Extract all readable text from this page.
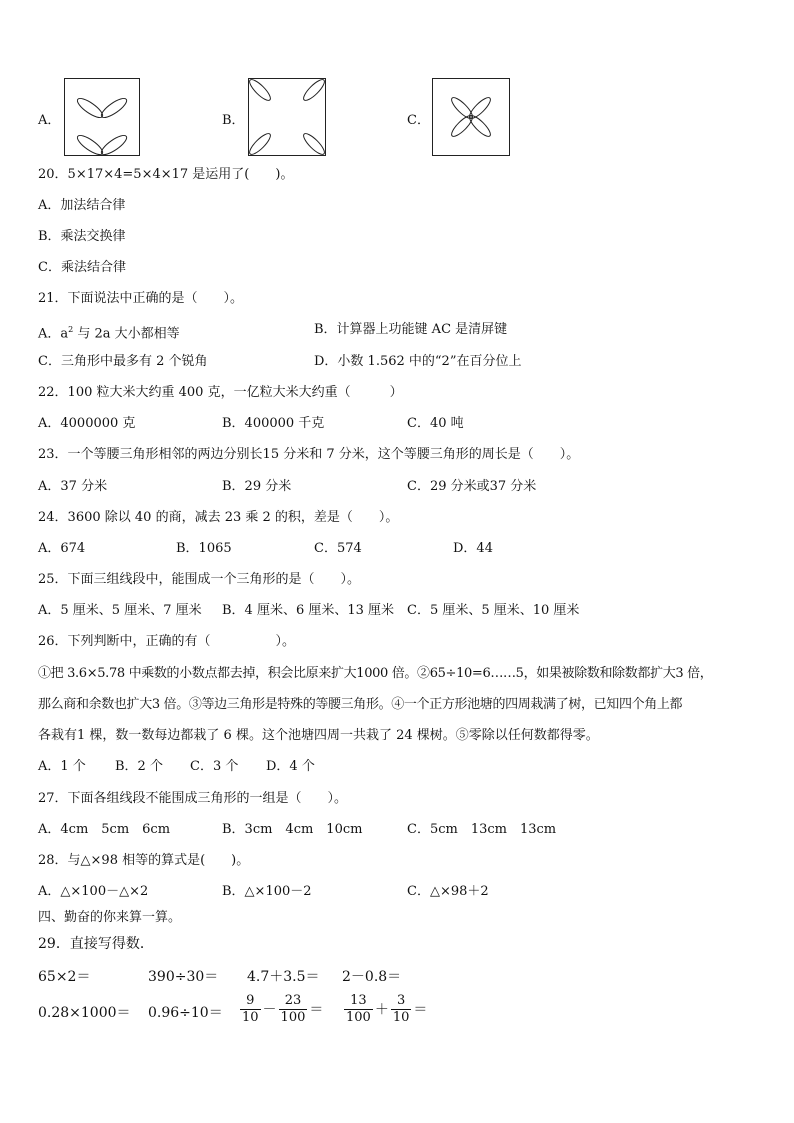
A．	B．	C．
20．5×17×4=5×4×17 是运用了(　　)。
A．加法结合律
B．乘法交换律
C．乘法结合律
21．下面说法中正确的是（　　）。
A．$a^2$ 与 2a 大小都相等	B．计算器上功能键 AC 是清屏键
C．三角形中最多有 2 个锐角	D．小数 1.562 中的“2”在百分位上
22．100 粒大米大约重 400 克，一亿粒大米大约重（　　　）
A．4000000 克	B．400000 千克	C．40 吨
23．一个等腰三角形相邻的两边分别长15 分米和 7 分米，这个等腰三角形的周长是（　　）。
A．37 分米	B．29 分米	C．29 分米或37 分米
24．3600 除以 40 的商，减去 23 乘 2 的积，差是（　　）。
A．674	B．1065	C．574	D．44
25．下面三组线段中，能围成一个三角形的是（　　）。
A．5 厘米、5 厘米、7 厘米 B．4 厘米、6 厘米、13 厘米 C．5 厘米、5 厘米、10 厘米
26．下列判断中，正确的有（　　　　　）。
①把 3.6×5.78 中乘数的小数点都去掉，积会比原来扩大1000 倍。②65÷10=6……5，如果被除数和除数都扩大3 倍，
那么商和余数也扩大3 倍。③等边三角形是特殊的等腰三角形。④一个正方形池塘的四周栽满了树，已知四个角上都
各栽有1 棵，数一数每边都栽了 6 棵。这个池塘四周一共栽了 24 棵树。⑤零除以任何数都得零。
A．1 个 B．2 个 C．3 个 D．4 个
27．下面各组线段不能围成三角形的一组是（　　）。
A．4cm　5cm　6cm	B．3cm　4cm　10cm	C．5cm　13cm　13cm
28．与△×98 相等的算式是(　　)。
A．△×100－△×2	B．△×100－2	C．△×98＋2
四、勤奋的你来算一算。
29．直接写得数．
65×2＝	390÷30＝ 4.7＋3.5＝ 2－0.8＝
$0.28\times 1000= 0.96\div 10= \frac{9}{10} - \frac{23}{100} = \frac{13}{100} + \frac{3}{10}$ ＝
